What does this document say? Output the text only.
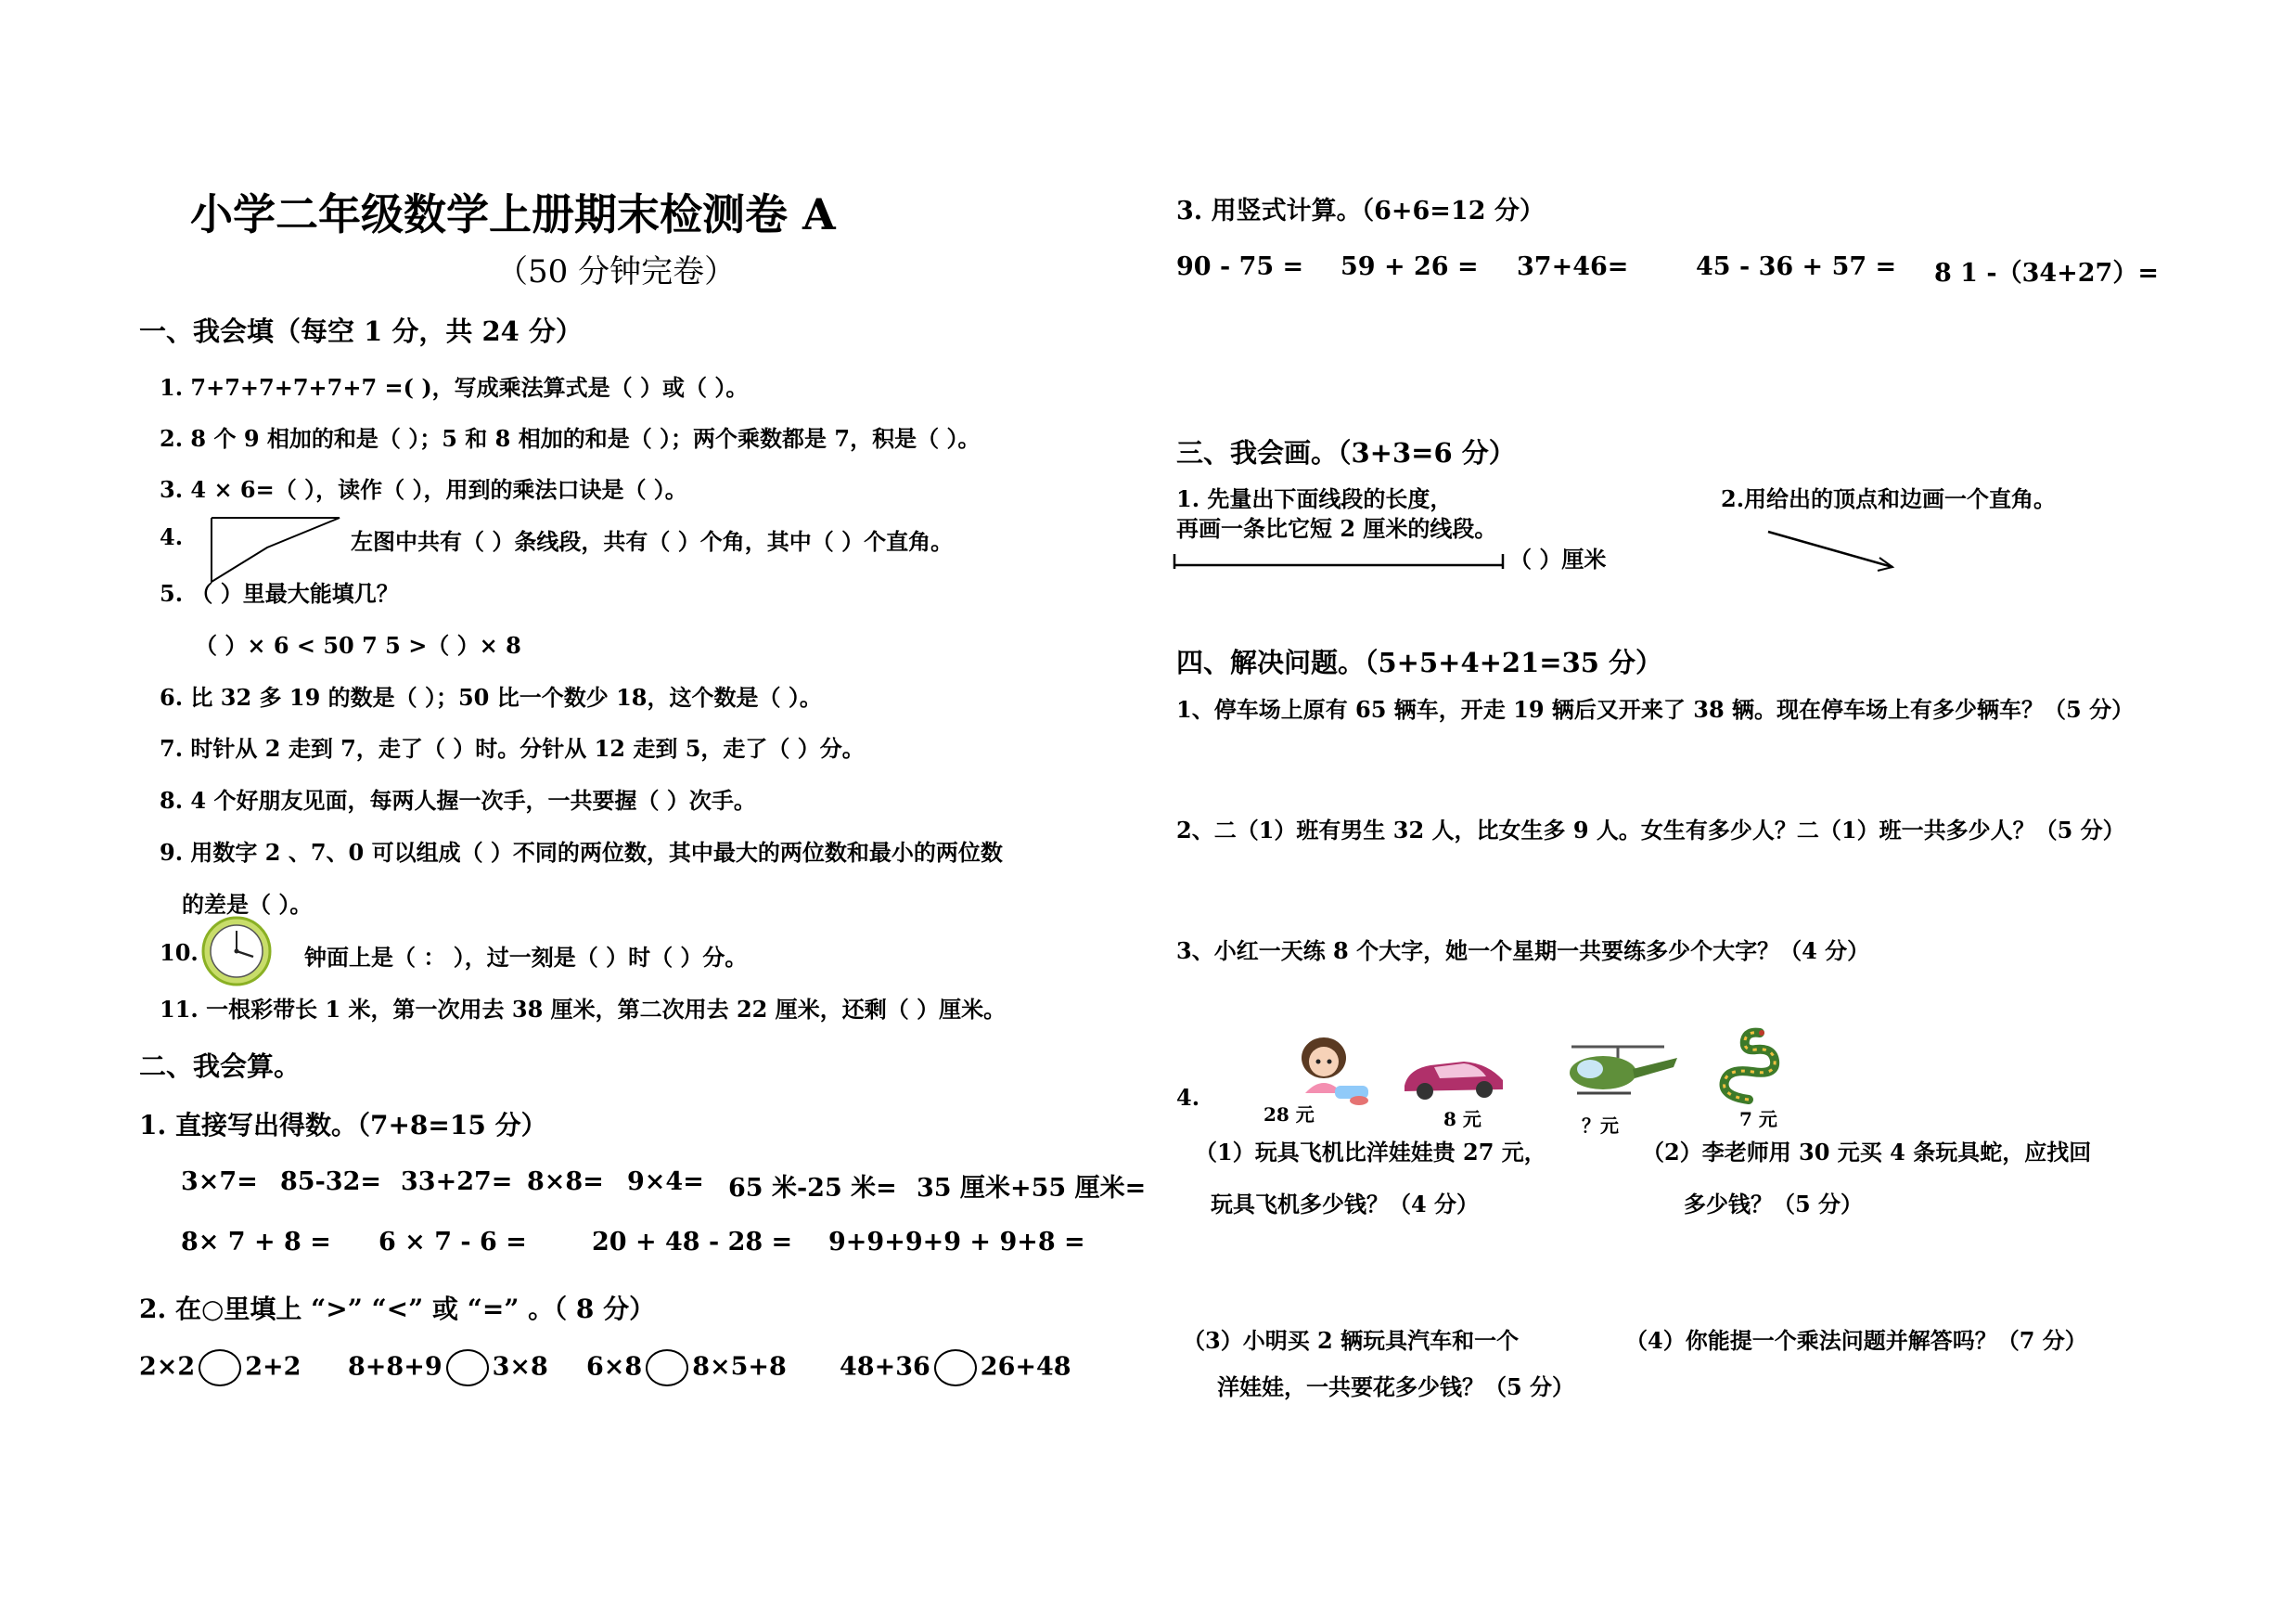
小学二年级数学上册期末检测卷 A
（50 分钟完卷）
一、我会填（每空 1 分，共 24 分）
1. 7+7+7+7+7+7 =( )，写成乘法算式是（ ）或（ ）。
2. 8 个 9 相加的和是（ ）；5 和 8 相加的和是（ ）；两个乘数都是 7，积是（ ）。
3. 4 × 6=（ ），读作（ ），用到的乘法口诀是（ ）。
4.	左图中共有（ ）条线段，共有（ ）个角，其中（ ）个直角。
5. （ ）里最大能填几？
（ ）× 6 < 50 7 5 >（ ）× 8
6. 比 32 多 19 的数是（ ）；50 比一个数少 18，这个数是（ ）。
7. 时针从 2 走到 7，走了（ ）时。分针从 12 走到 5，走了（ ）分。
8. 4 个好朋友见面，每两人握一次手，一共要握（ ）次手。
9. 用数字 2 、7、0 可以组成（ ）不同的两位数，其中最大的两位数和最小的两位数
的差是（ ）。
10.	钟面上是（ ： ），过一刻是（ ）时（ ）分。
11. 一根彩带长 1 米，第一次用去 38 厘米，第二次用去 22 厘米，还剩（ ）厘米。
二、我会算。
1. 直接写出得数。（7+8=15 分）
3×7= 85-32= 33+27= 8×8= 9×4= 65 米-25 米= 35 厘米+55 厘米=
8× 7 + 8 = 6 × 7 - 6 =	20 + 48 - 28 = 9+9+9+9 + 9+8 =
2. 在○里填上 “>” “<” 或 “=” 。（ 8 分）
2×2 2+2 8+8+9 3×8 6×8 8×5+8 48+36 26+48
3. 用竖式计算。（6+6=12 分）
90 - 75 = 59 + 26 = 37+46=	45 - 36 + 57 = 8 1 -（34+27）=
三、我会画。（3+3=6 分）
1. 先量出下面线段的长度，
再画一条比它短 2 厘米的线段。
（ ）厘米
2.用给出的顶点和边画一个直角。
四、解决问题。（5+5+4+21=35 分）
1、停车场上原有 65 辆车，开走 19 辆后又开来了 38 辆。现在停车场上有多少辆车？（5 分）
2、二（1）班有男生 32 人，比女生多 9 人。女生有多少人？二（1）班一共多少人？（5 分）
3、小红一天练 8 个大字，她一个星期一共要练多少个大字？（4 分）
4.
28 元	8 元	？元	7 元
（1）玩具飞机比洋娃娃贵 27 元，
玩具飞机多少钱？（4 分）
（2）李老师用 30 元买 4 条玩具蛇，应找回
多少钱？（5 分）
（3）小明买 2 辆玩具汽车和一个
洋娃娃，一共要花多少钱？（5 分）
（4）你能提一个乘法问题并解答吗？（7 分）
